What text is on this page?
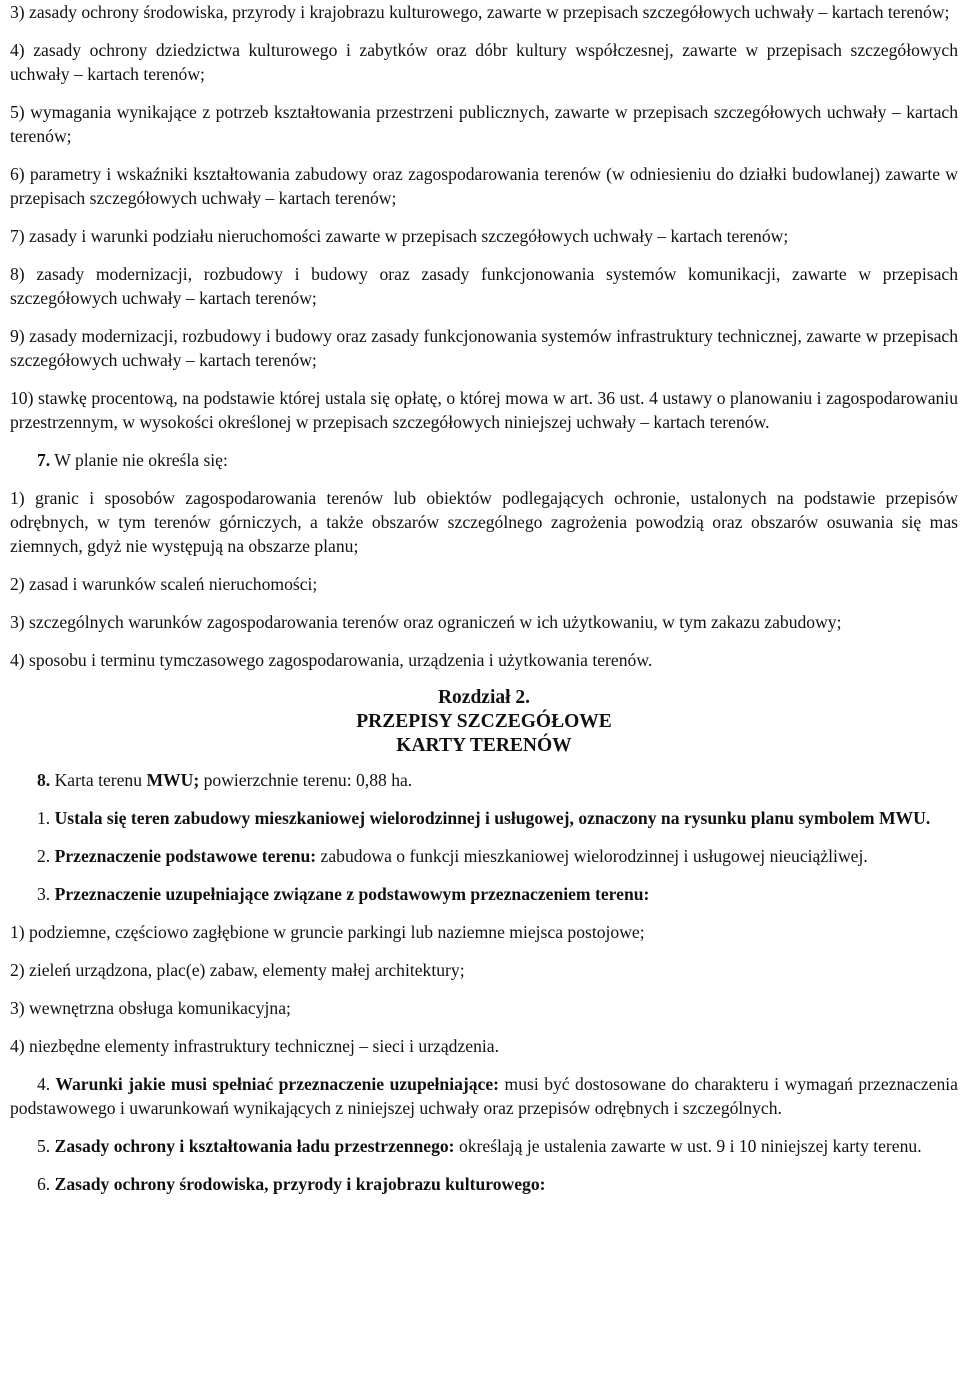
3) zasady ochrony środowiska, przyrody i krajobrazu kulturowego, zawarte w przepisach szczegółowych uchwały – kartach terenów;

4) zasady ochrony dziedzictwa kulturowego i zabytków oraz dóbr kultury współczesnej, zawarte w przepisach szczegółowych uchwały – kartach terenów;

5) wymagania wynikające z potrzeb kształtowania przestrzeni publicznych, zawarte w przepisach szczegółowych uchwały – kartach terenów;

6) parametry i wskaźniki kształtowania zabudowy oraz zagospodarowania terenów (w odniesieniu do działki budowlanej) zawarte w przepisach szczegółowych uchwały – kartach terenów;

7) zasady i warunki podziału nieruchomości zawarte w przepisach szczegółowych uchwały – kartach terenów;

8) zasady modernizacji, rozbudowy i budowy oraz zasady funkcjonowania systemów komunikacji, zawarte w przepisach szczegółowych uchwały – kartach terenów;

9) zasady modernizacji, rozbudowy i budowy oraz zasady funkcjonowania systemów infrastruktury technicznej, zawarte w przepisach szczegółowych uchwały – kartach terenów;

10) stawkę procentową, na podstawie której ustala się opłatę, o której mowa w art. 36 ust. 4 ustawy o planowaniu i zagospodarowaniu przestrzennym, w wysokości określonej w przepisach szczegółowych niniejszej uchwały – kartach terenów.

7. W planie nie określa się:

1) granic i sposobów zagospodarowania terenów lub obiektów podlegających ochronie, ustalonych na podstawie przepisów odrębnych, w tym terenów górniczych, a także obszarów szczególnego zagrożenia powodzią oraz obszarów osuwania się mas ziemnych, gdyż nie występują na obszarze planu;

2) zasad i warunków scaleń nieruchomości;

3) szczególnych warunków zagospodarowania terenów oraz ograniczeń w ich użytkowaniu, w tym zakazu zabudowy;

4) sposobu i terminu tymczasowego zagospodarowania, urządzenia i użytkowania terenów.

Rozdział 2.
PRZEPISY SZCZEGÓŁOWE
KARTY TERENÓW

8. Karta terenu MWU; powierzchnie terenu: 0,88 ha.

1. Ustala się teren zabudowy mieszkaniowej wielorodzinnej i usługowej, oznaczony na rysunku planu symbolem MWU.

2. Przeznaczenie podstawowe terenu: zabudowa o funkcji mieszkaniowej wielorodzinnej i usługowej nieuciążliwej.

3. Przeznaczenie uzupełniające związane z podstawowym przeznaczeniem terenu:

1) podziemne, częściowo zagłębione w gruncie parkingi lub naziemne miejsca postojowe;

2) zieleń urządzona, plac(e) zabaw, elementy małej architektury;

3) wewnętrzna obsługa komunikacyjna;

4) niezbędne elementy infrastruktury technicznej – sieci i urządzenia.

4. Warunki jakie musi spełniać przeznaczenie uzupełniające: musi być dostosowane do charakteru i wymagań przeznaczenia podstawowego i uwarunkowań wynikających z niniejszej uchwały oraz przepisów odrębnych i szczególnych.

5. Zasady ochrony i kształtowania ładu przestrzennego: określają je ustalenia zawarte w ust. 9 i 10 niniejszej karty terenu.

6. Zasady ochrony środowiska, przyrody i krajobrazu kulturowego:
